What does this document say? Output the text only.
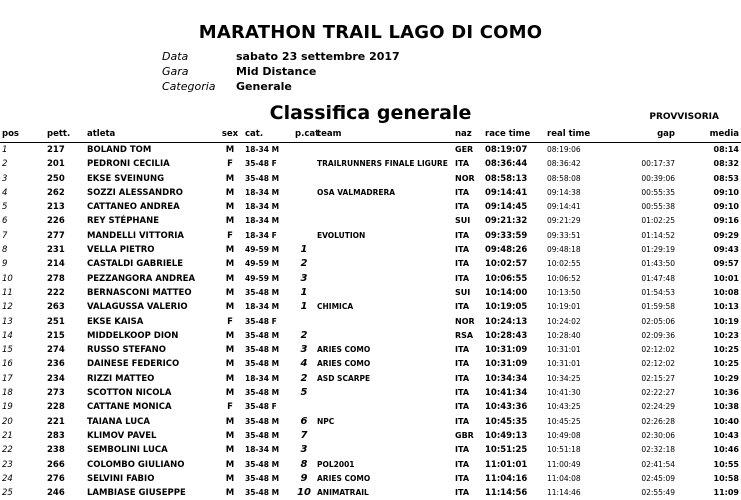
MARATHON TRAIL LAGO DI COMO
Data	sabato 23 settembre 2017
Gara	Mid Distance
Categoria Generale
Classifica generale	PROVVISORIA
pos	pett.	atleta	sex	cat.	p.cat	team	naz	race time	real time	gap	media
1	217	BOLAND TOM	M	18-34 M			GER	08:19:07	08:19:06		08:14
2	201	PEDRONI CECILIA	F	35-48 F		TRAILRUNNERS FINALE LIGURE	ITA	08:36:44	08:36:42	00:17:37	08:32
3	250	EKSE SVEINUNG	M	35-48 M			NOR	08:58:13	08:58:08	00:39:06	08:53
4	262	SOZZI ALESSANDRO	M	18-34 M		OSA VALMADRERA	ITA	09:14:41	09:14:38	00:55:35	09:10
5	213	CATTANEO ANDREA	M	18-34 M			ITA	09:14:45	09:14:41	00:55:38	09:10
6	226	REY STÉPHANE	M	18-34 M			SUI	09:21:32	09:21:29	01:02:25	09:16
7	277	MANDELLI VITTORIA	F	18-34 F		EVOLUTION	ITA	09:33:59	09:33:51	01:14:52	09:29
8	231	VELLA PIETRO	M	49-59 M	1		ITA	09:48:26	09:48:18	01:29:19	09:43
9	214	CASTALDI GABRIELE	M	49-59 M	2		ITA	10:02:57	10:02:55	01:43:50	09:57
10	278	PEZZANGORA ANDREA	M	49-59 M	3		ITA	10:06:55	10:06:52	01:47:48	10:01
11	222	BERNASCONI MATTEO	M	35-48 M	1		SUI	10:14:00	10:13:50	01:54:53	10:08
12	263	VALAGUSSA VALERIO	M	18-34 M	1	CHIMICA	ITA	10:19:05	10:19:01	01:59:58	10:13
13	251	EKSE KAISA	F	35-48 F			NOR	10:24:13	10:24:02	02:05:06	10:19
14	215	MIDDELKOOP DION	M	35-48 M	2		RSA	10:28:43	10:28:40	02:09:36	10:23
15	274	RUSSO STEFANO	M	35-48 M	3	ARIES COMO	ITA	10:31:09	10:31:01	02:12:02	10:25
16	236	DAINESE FEDERICO	M	35-48 M	4	ARIES COMO	ITA	10:31:09	10:31:01	02:12:02	10:25
17	234	RIZZI MATTEO	M	18-34 M	2	ASD SCARPE	ITA	10:34:34	10:34:25	02:15:27	10:29
18	273	SCOTTON NICOLA	M	35-48 M	5		ITA	10:41:34	10:41:30	02:22:27	10:36
19	228	CATTANE MONICA	F	35-48 F			ITA	10:43:36	10:43:25	02:24:29	10:38
20	221	TAIANA LUCA	M	35-48 M	6	NPC	ITA	10:45:35	10:45:25	02:26:28	10:40
21	283	KLIMOV PAVEL	M	35-48 M	7		GBR	10:49:13	10:49:08	02:30:06	10:43
22	238	SEMBOLINI LUCA	M	18-34 M	3		ITA	10:51:25	10:51:18	02:32:18	10:46
23	266	COLOMBO GIULIANO	M	35-48 M	8	POL2001	ITA	11:01:01	11:00:49	02:41:54	10:55
24	276	SELVINI FABIO	M	35-48 M	9	ARIES COMO	ITA	11:04:16	11:04:08	02:45:09	10:58
25	246	LAMBIASE GIUSEPPE	M	35-48 M	10	ANIMATRAIL	ITA	11:14:56	11:14:46	02:55:49	11:09
